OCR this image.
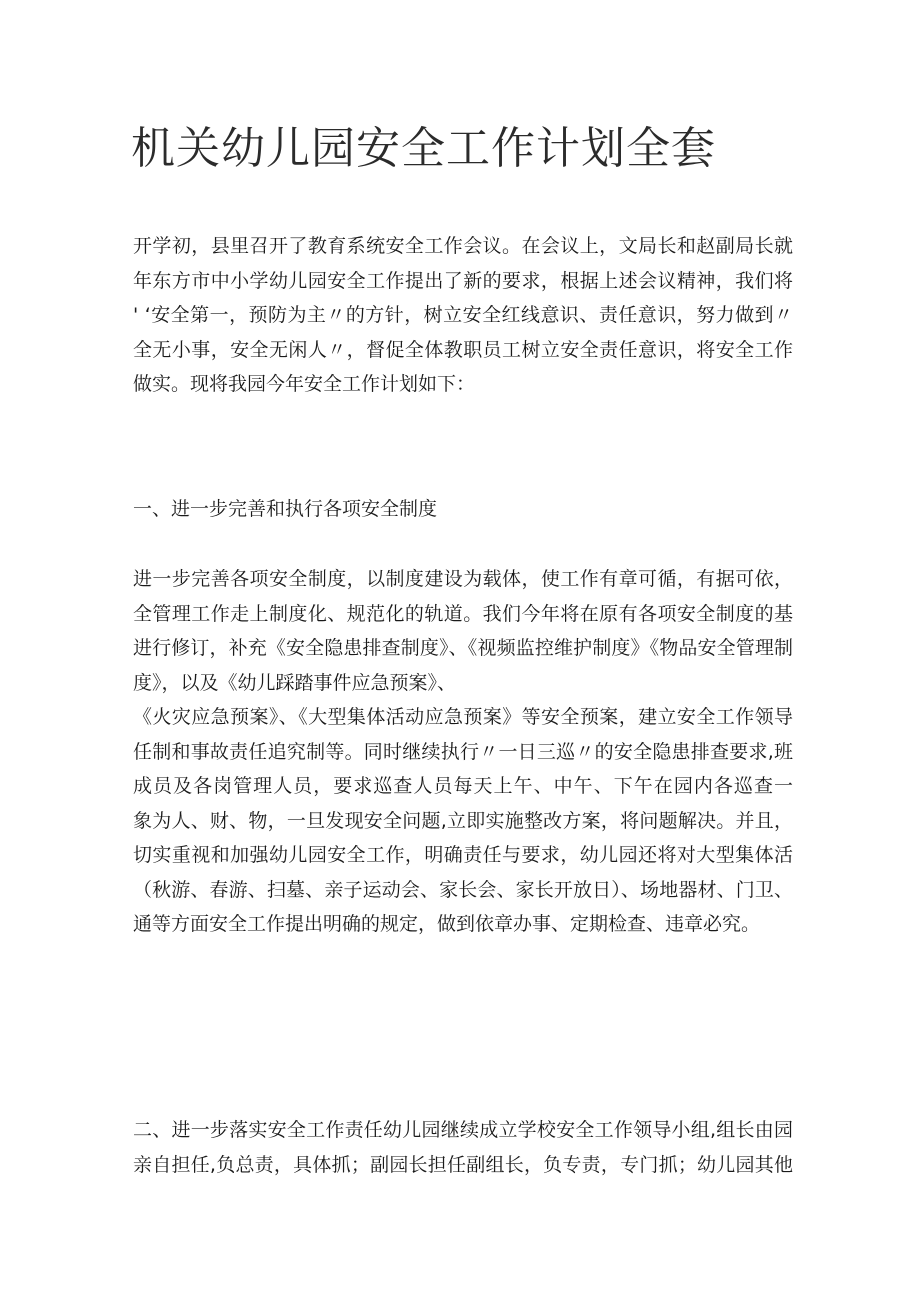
机关幼儿园安全工作计划全套
开学初，县里召开了教育系统安全工作会议。在会议上，文局长和赵副局长就
年东方市中小学幼儿园安全工作提出了新的要求，根据上述会议精神，我们将
' ‘安全第一，预防为主〃的方针，树立安全红线意识、责任意识，努力做到〃
全无小事，安全无闲人〃，督促全体教职员工树立安全责任意识，将安全工作
做实。现将我园今年安全工作计划如下：
一、进一步完善和执行各项安全制度
进一步完善各项安全制度，以制度建设为载体，使工作有章可循，有据可依，
全管理工作走上制度化、规范化的轨道。我们今年将在原有各项安全制度的基
进行修订，补充《安全隐患排查制度》、《视频监控维护制度》《物品安全管理制
度》，以及《幼儿踩踏事件应急预案》、
《火灾应急预案》、《大型集体活动应急预案》等安全预案，建立安全工作领导
任制和事故责任追究制等。同时继续执行〃一日三巡〃的安全隐患排查要求,班
成员及各岗管理人员，要求巡查人员每天上午、中午、下午在园内各巡查一
象为人、财、物，一旦发现安全问题,立即实施整改方案，将问题解决。并且，
切实重视和加强幼儿园安全工作，明确责任与要求，幼儿园还将对大型集体活
（秋游、春游、扫墓、亲子运动会、家长会、家长开放日）、场地器材、门卫、
通等方面安全工作提出明确的规定，做到依章办事、定期检查、违章必究。
二、进一步落实安全工作责任幼儿园继续成立学校安全工作领导小组,组长由园
亲自担任,负总责，具体抓；副园长担任副组长，负专责，专门抓；幼儿园其他
